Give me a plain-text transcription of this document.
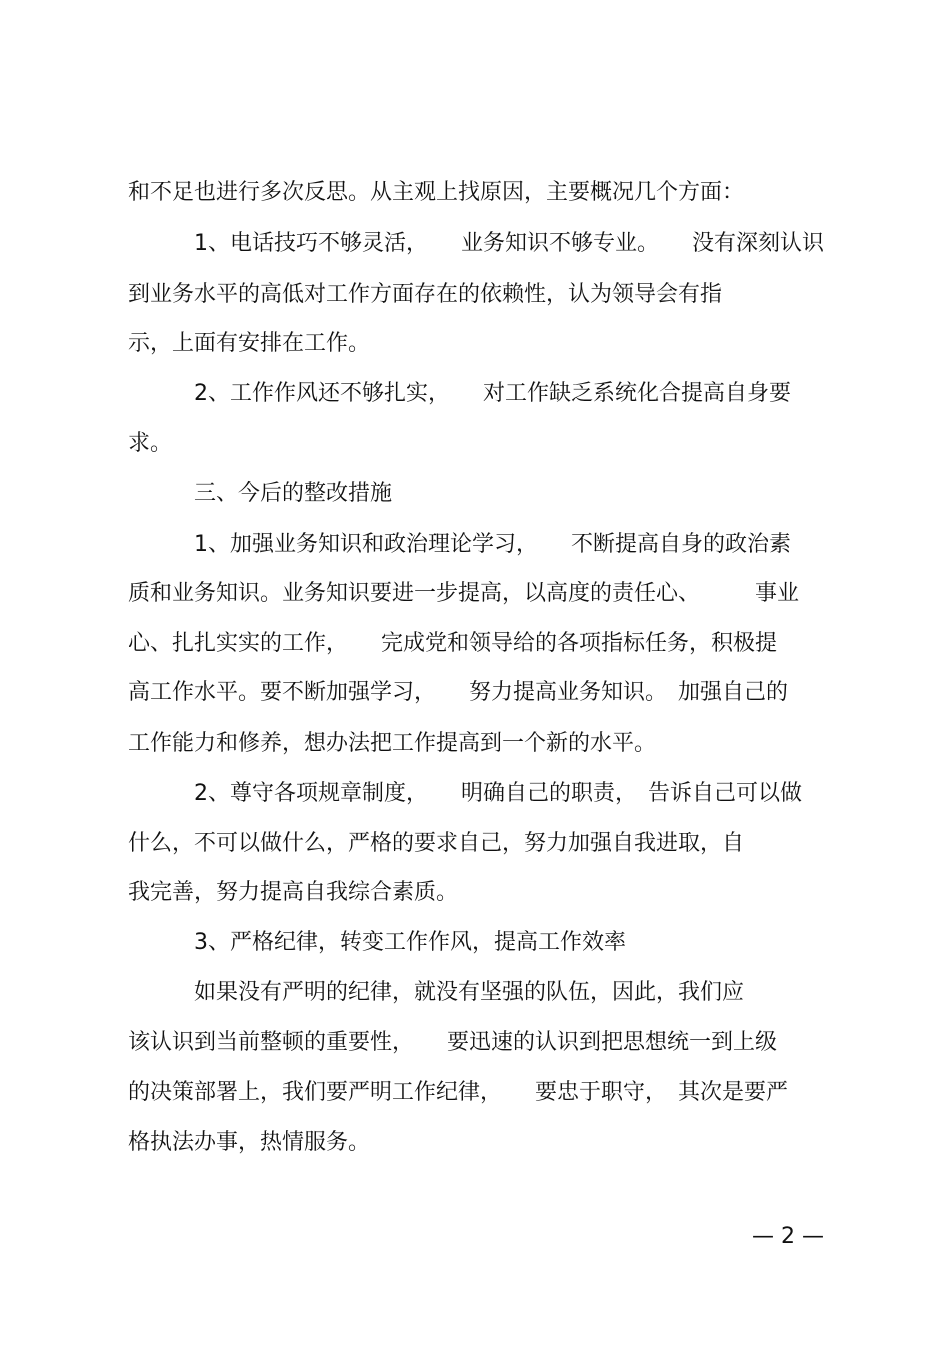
和不足也进行多次反思。从主观上找原因，主要概况几个方面：
1、电话技巧不够灵活，　　业务知识不够专业。　　没有深刻认识
到业务水平的高低对工作方面存在的依赖性，认为领导会有指
示，上面有安排在工作。
2、工作作风还不够扎实，　　对工作缺乏系统化合提高自身要
求。
三、今后的整改措施
1、加强业务知识和政治理论学习，　　不断提高自身的政治素
质和业务知识。业务知识要进一步提高，以高度的责任心、　　　事业
心、扎扎实实的工作，　　完成党和领导给的各项指标任务，积极提
高工作水平。要不断加强学习，　　努力提高业务知识。　加强自己的
工作能力和修养，想办法把工作提高到一个新的水平。
2、尊守各项规章制度，　　明确自己的职责，　告诉自己可以做
什么，不可以做什么，严格的要求自己，努力加强自我进取，自
我完善，努力提高自我综合素质。
3、严格纪律，转变工作作风，提高工作效率
如果没有严明的纪律，就没有坚强的队伍，因此，我们应
该认识到当前整顿的重要性，　　要迅速的认识到把思想统一到上级
的决策部署上，我们要严明工作纪律，　　要忠于职守，　其次是要严
格执法办事，热情服务。
— 2 —
